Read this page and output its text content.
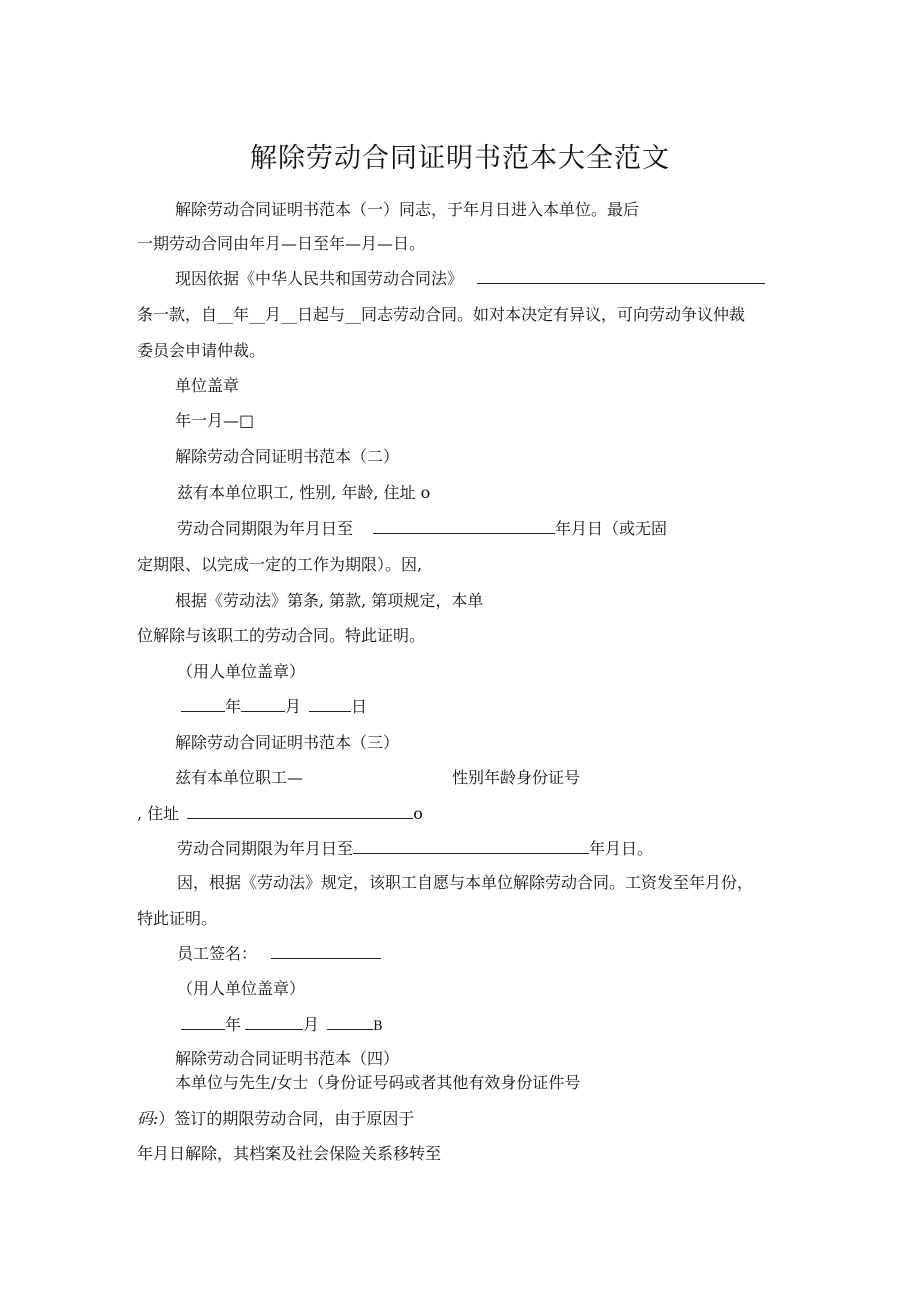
解除劳动合同证明书范本大全范文
解除劳动合同证明书范本（一）同志，于年月日进入本单位。最后
一期劳动合同由年月—日至年—月—日。
现因依据《中华人民共和国劳动合同法》
条一款，自__年__月__日起与__同志劳动合同。如对本决定有异议，可向劳动争议仲裁
委员会申请仲裁。
单位盖章
年一月—□
解除劳动合同证明书范本（二）
兹有本单位职工, 性别, 年龄, 住址 o
劳动合同期限为年月日至	年月日（或无固
定期限、以完成一定的工作为期限）。因,
根据《劳动法》第条, 第款, 第项规定，本单
位解除与该职工的劳动合同。特此证明。
（用人单位盖章）
年	月	日
解除劳动合同证明书范本（三）
兹有本单位职工—	性别年龄身份证号
, 住址	o
劳动合同期限为年月日至	年月日。
因，根据《劳动法》规定，该职工自愿与本单位解除劳动合同。工资发至年月份，
特此证明。
员工签名：
（用人单位盖章）
年	月	B
解除劳动合同证明书范本（四）
本单位与先生/女士（身份证号码或者其他有效身份证件号
码:）签订的期限劳动合同，由于原因于
年月日解除，其档案及社会保险关系移转至
